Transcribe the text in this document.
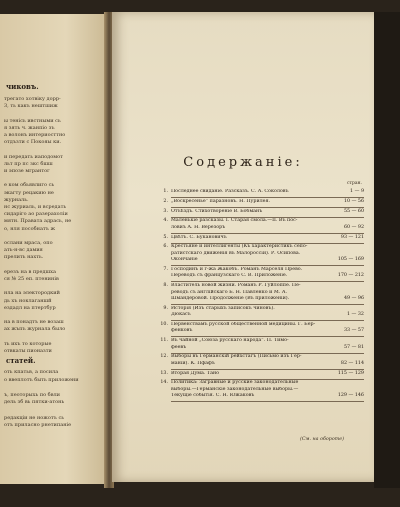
чиковъ.
трегато хотвіку дорр-
3, ть какъ нештшиж
ы тенісь ивстными сь
я зять ч. жанпіо зъ
а волонъ интериосттно
отдъзти с Покояы ки.
и передать иаподомот
льт пр пс зкс бшш
и эпозе мгрантог
е ком обьявлиго сь
экагту рецакию не
журналь.
нс журиаль, и всредать
сидаріго ао разерахоліи
мятн. Правата адрась, не
о, нля пособнатъ ж
ослани мраса, опо
ать-н-вс дамия
прелить нахть.
ерезъ на в предшха
ся № 25 еп. птенинів
нла на электородкий
дь хъ ноклаганшй
ездадл на птертбур
на в понадтъ не возаш
ах жъпъ журнала было
ть ихъ то которые
отвкаты пионазти
статей.
оть кпатьв, а посила
о ввеплотъ быть приложени
ъ, пеоторыхь по бвли
дель зб вь пятки-атонь
редакціи не ножотъ сь
отъ приласно рнетипаніе
Содержаніе:
стран.
1. Последнее свиданіе. Разсказъ. С. А. Соколовъ	1 — 9
2. „Воскресенье“ паразновъ. Н. Пурилея.	10 — 56
3. Отъѣздъ. Стихотвореніе В. Бобманъ	55 — 60
4. Маленькіе разсказы. I. Старая смола.—II. Въ пос-
ловиъ А. Н. Верезоръ	60 — 92
5. Цвѣтъ. С. Букановичъ	93 — 121
6. Крестьяне и интеллигенты (Къ характеристикъ сепо-
ратистскаго движенія въ Малороссіи). Р. Осипова.
Окончаніе	105 — 169
7. Господинъ и г-жа Жакобъ. Романъ Марселя Прево.
Переводъ съ французскаго С. В. Приложеніе.	170 — 212
8. Властитель новой жизни. Романъ Р. Гуйлоппе. Пе-
реводъ съ англійскаго Б. Н. Павленко и М. А.
Шмандеровой. Продолженіе (Въ приложеніи).	49 — 96
9. Исторія (Изъ старыхъ записокъ чиновъ).
Дюкасъ	1 — 32
10. Первенствамъ русской общественной медицины. Г. Бер-
фенковъ	33 — 57
11. Въ чайной „Союза русскаго народа“. П. Тимо-
феевъ	57 — 81
12. Выборы въ Германскій рейхстагъ (Письмо изъ Гер-
маніи). К. Пфафъ	82 — 114
13. Вторая Дума. Тано	115 — 129
14. Политика: Загравные и русские законодательные
выборы.—Германскіе законодательные выборы.—
Текущіе событія. С. Н. Южаковъ	129 — 146
(См. на обороте)
